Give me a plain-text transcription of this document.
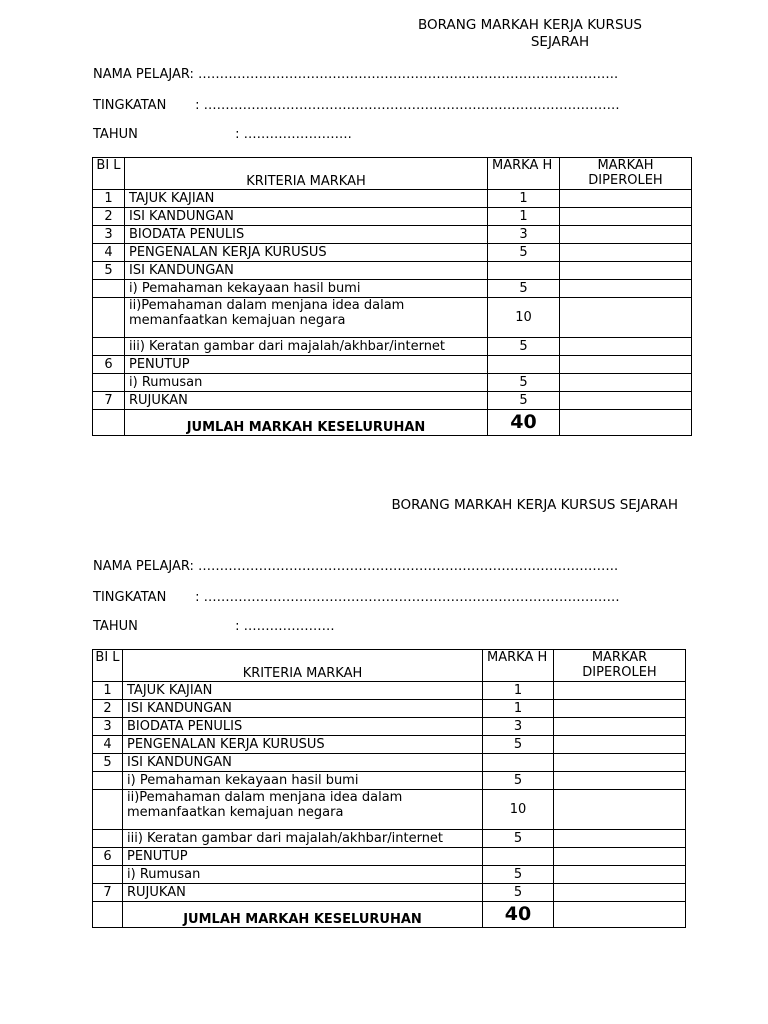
BORANG MARKAH KERJA KURSUS
SEJARAH
NAMA PELAJAR: …………………………………………………………………………………….
TINGKATAN : ……………………………………………………………………………………
TAHUN	: …………………….
BI L	KRITERIA MARKAH	MARKA H	MARKAH DIPEROLEH
1	TAJUK KAJIAN	1	
2	ISI KANDUNGAN	1	
3	BIODATA PENULIS	3	
4	PENGENALAN KERJA KURUSUS	5	
5	ISI KANDUNGAN		
	i) Pemahaman kekayaan hasil bumi	5	
	ii)Pemahaman dalam menjana idea dalam memanfaatkan kemajuan negara	10	
	iii) Keratan gambar dari majalah/akhbar/internet	5	
6	PENUTUP		
	i) Rumusan	5	
7	RUJUKAN	5	
	JUMLAH MARKAH KESELURUHAN	40	
BORANG MARKAH KERJA KURSUS SEJARAH
NAMA PELAJAR: …………………………………………………………………………………….
TINGKATAN : ……………………………………………………………………………………
TAHUN	: …………………
BI L	KRITERIA MARKAH	MARKA H	MARKAR DIPEROLEH
1	TAJUK KAJIAN	1	
2	ISI KANDUNGAN	1	
3	BIODATA PENULIS	3	
4	PENGENALAN KERJA KURUSUS	5	
5	ISI KANDUNGAN		
	i) Pemahaman kekayaan hasil bumi	5	
	ii)Pemahaman dalam menjana idea dalam memanfaatkan kemajuan negara	10	
	iii) Keratan gambar dari majalah/akhbar/internet	5	
6	PENUTUP		
	i) Rumusan	5	
7	RUJUKAN	5	
	JUMLAH MARKAH KESELURUHAN	40	
